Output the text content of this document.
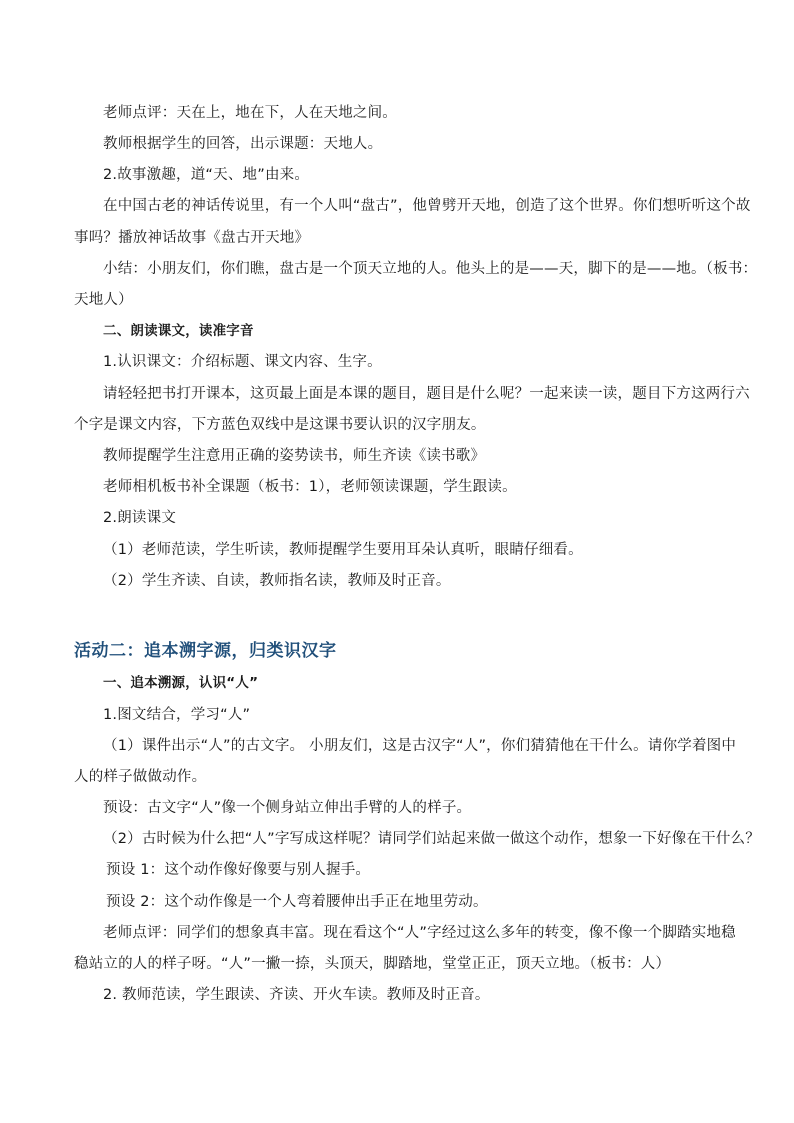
老师点评：天在上，地在下，人在天地之间。
教师根据学生的回答，出示课题：天地人。
2.故事激趣，道“天、地”由来。
在中国古老的神话传说里，有一个人叫“盘古”，他曾劈开天地，创造了这个世界。你们想听听这个故
事吗？播放神话故事《盘古开天地》
小结：小朋友们，你们瞧，盘古是一个顶天立地的人。他头上的是——天，脚下的是——地。（板书：
天地人）
二、朗读课文，读准字音
1.认识课文：介绍标题、课文内容、生字。
请轻轻把书打开课本，这页最上面是本课的题目，题目是什么呢？一起来读一读，题目下方这两行六
个字是课文内容，下方蓝色双线中是这课书要认识的汉字朋友。
教师提醒学生注意用正确的姿势读书，师生齐读《读书歌》
老师相机板书补全课题（板书：1），老师领读课题，学生跟读。
2.朗读课文
（1）老师范读，学生听读，教师提醒学生要用耳朵认真听，眼睛仔细看。
（2）学生齐读、自读，教师指名读，教师及时正音。
活动二：追本溯字源，归类识汉字
一、追本溯源，认识“人”
1.图文结合，学习“人”
（1）课件出示“人”的古文字。 小朋友们，这是古汉字“人”，你们猜猜他在干什么。请你学着图中
人的样子做做动作。
预设：古文字“人”像一个侧身站立伸出手臂的人的样子。
（2）古时候为什么把“人”字写成这样呢？请同学们站起来做一做这个动作，想象一下好像在干什么？
预设 1：这个动作像好像要与别人握手。
预设 2：这个动作像是一个人弯着腰伸出手正在地里劳动。
老师点评：同学们的想象真丰富。现在看这个“人”字经过这么多年的转变，像不像一个脚踏实地稳
稳站立的人的样子呀。“人”一撇一捺，头顶天，脚踏地，堂堂正正，顶天立地。（板书：人）
2. 教师范读，学生跟读、齐读、开火车读。教师及时正音。
